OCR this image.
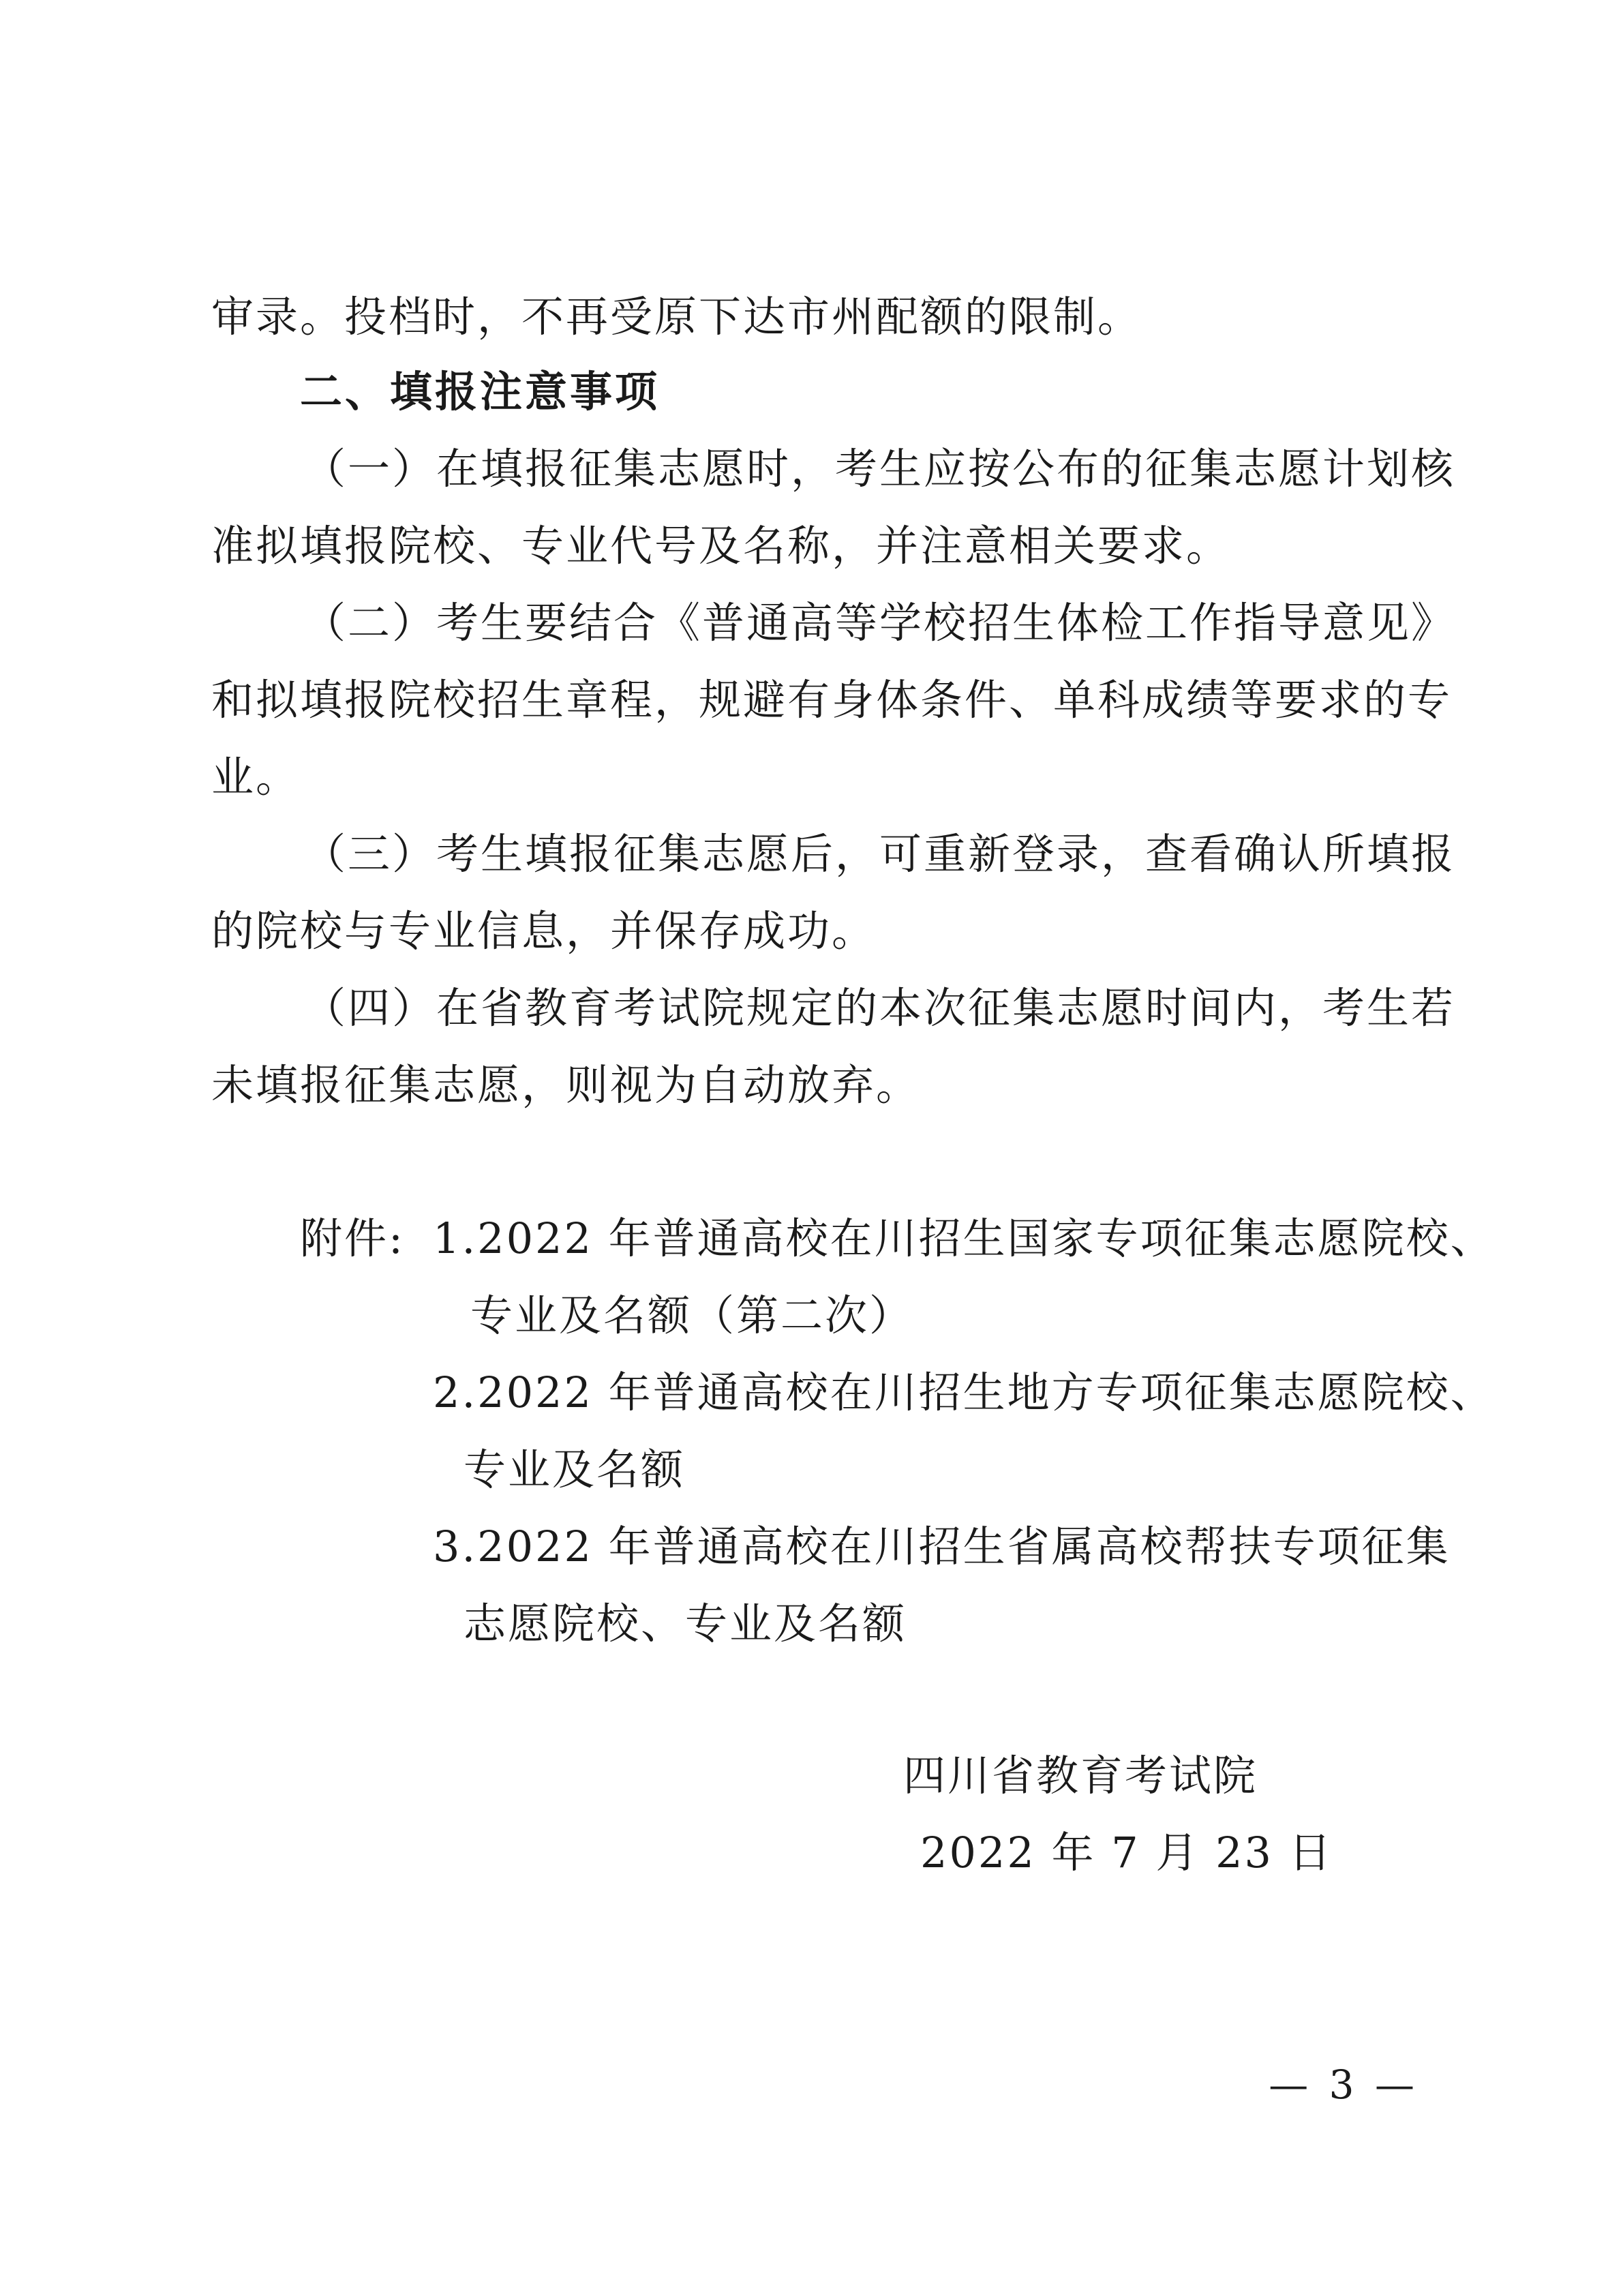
审录。投档时，不再受原下达市州配额的限制。
二、填报注意事项
（一）在填报征集志愿时，考生应按公布的征集志愿计划核
准拟填报院校、专业代号及名称，并注意相关要求。
（二）考生要结合《普通高等学校招生体检工作指导意见》
和拟填报院校招生章程，规避有身体条件、单科成绩等要求的专
业。
（三）考生填报征集志愿后，可重新登录，查看确认所填报
的院校与专业信息，并保存成功。
（四）在省教育考试院规定的本次征集志愿时间内，考生若
未填报征集志愿，则视为自动放弃。
附件: 1.2022 年普通高校在川招生国家专项征集志愿院校、
专业及名额（第二次）
2.2022 年普通高校在川招生地方专项征集志愿院校、
专业及名额
3.2022 年普通高校在川招生省属高校帮扶专项征集
志愿院校、专业及名额
四川省教育考试院
2022 年 7 月 23 日
— 3 —
